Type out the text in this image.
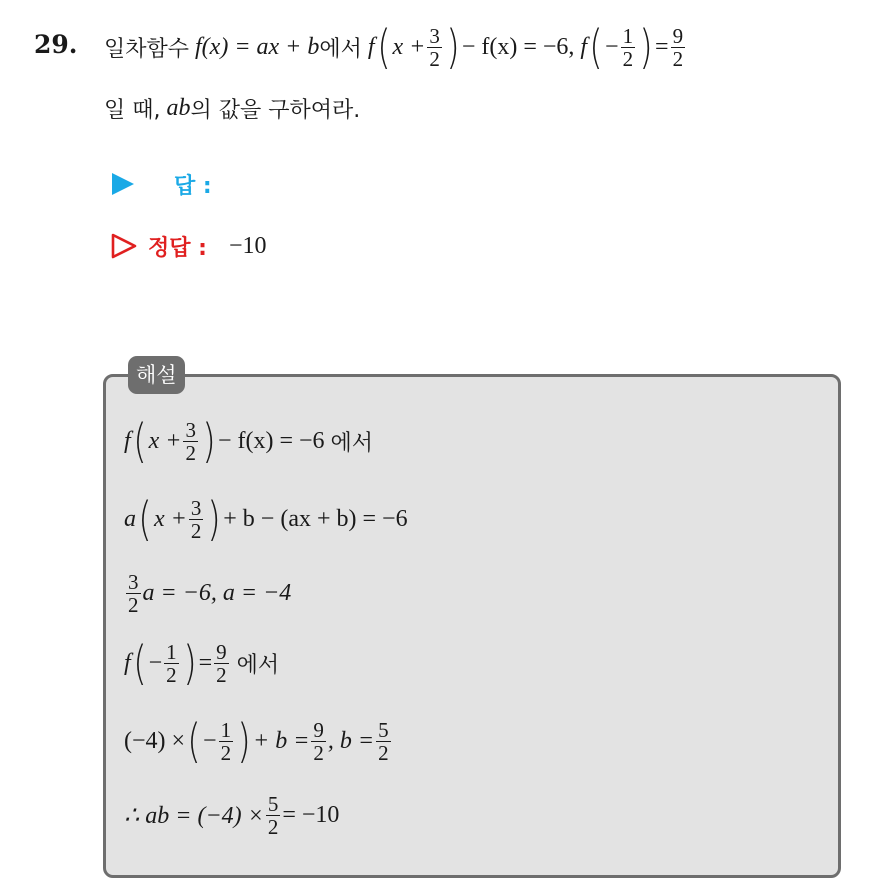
29. 일차함수
f(x) = ax + b 에서
f ( $x + \frac{3}{2}$ ) − f(x) = −6,
f ( − $\frac{1}{2}$ ) = $\frac{9}{2}$
일 때,
ab 의 값을 구하여라.
답 :
정답 : −10
해설
f ( $x + \frac{3}{2}$ ) − f(x) = −6
에서
a ( $x + \frac{3}{2}$ ) + b − (ax + b) = −6
$\frac{3}{2}$ a = −6, a = −4
f ( − $\frac{1}{2}$ ) = $\frac{9}{2}$
에서
(−4) × ( − $\frac{1}{2}$ ) + $b = \frac{9}{2}$ , $b = \frac{5}{2}$
∴ ab = $(-4) \times \frac{5}{2} = -10$
